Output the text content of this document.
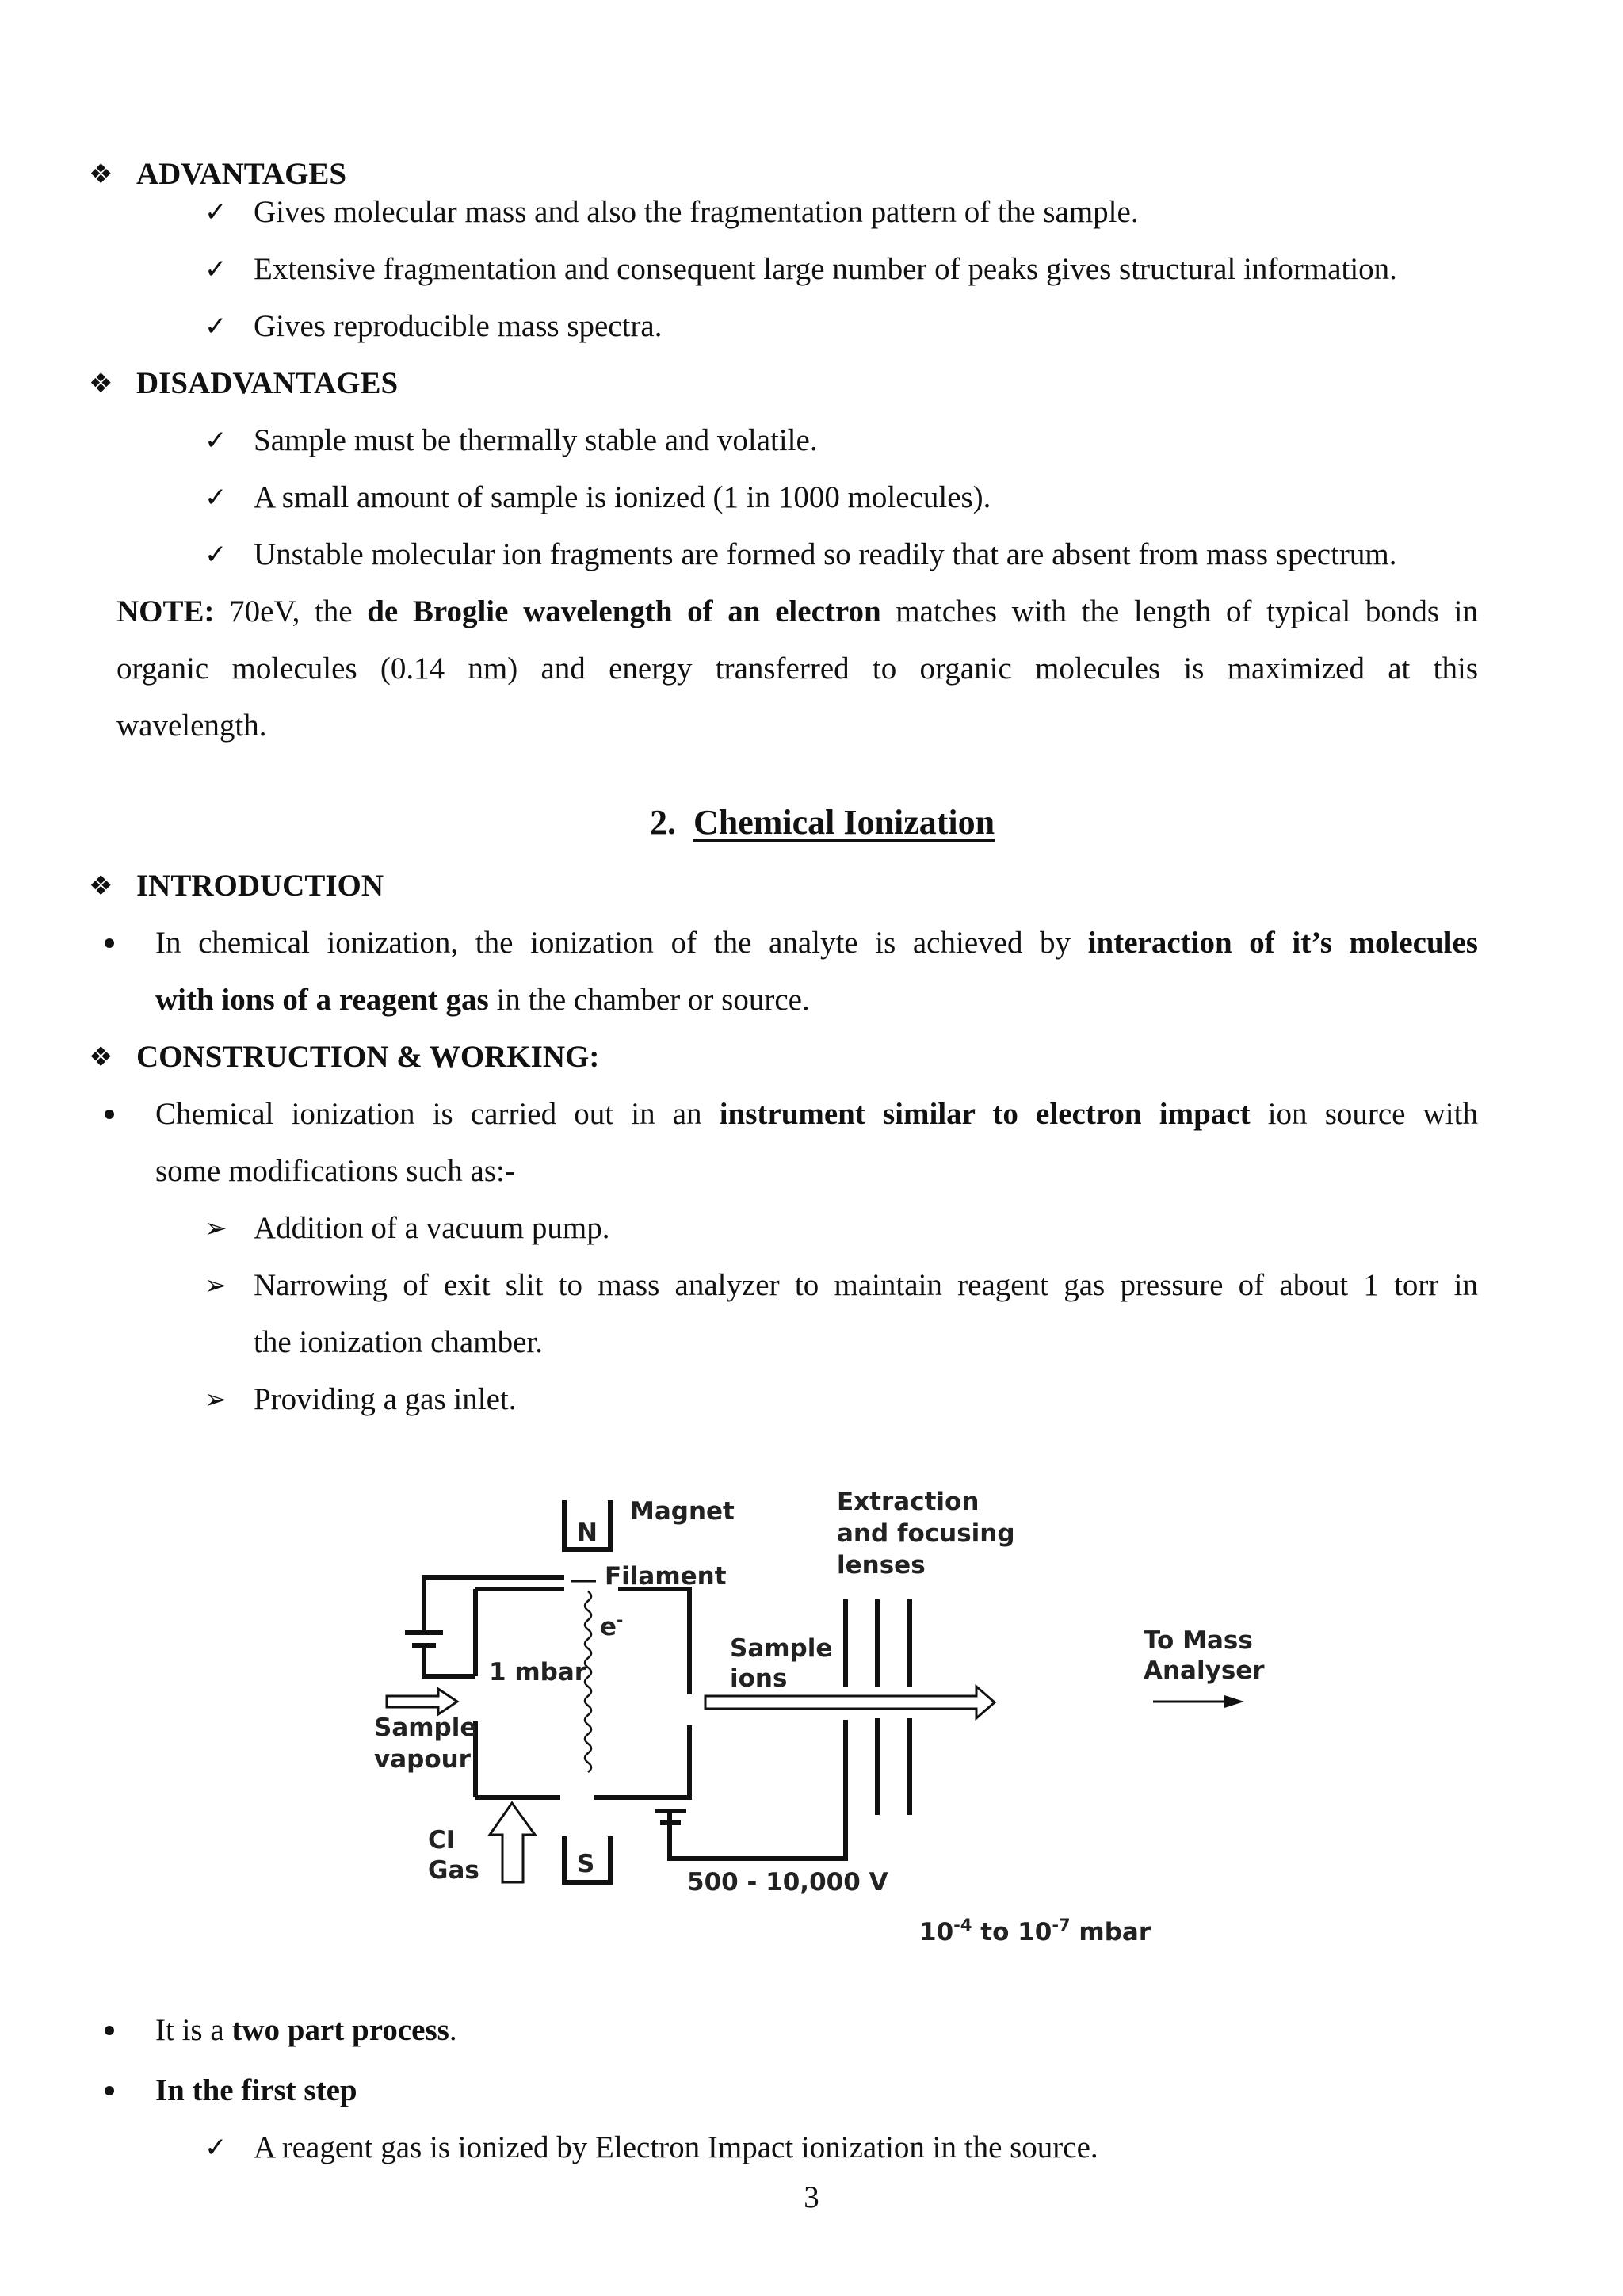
❖ ADVANTAGES
✓ Gives molecular mass and also the fragmentation pattern of the sample.
✓ Extensive fragmentation and consequent large number of peaks gives structural information.
✓ Gives reproducible mass spectra.
❖ DISADVANTAGES
✓ Sample must be thermally stable and volatile.
✓ A small amount of sample is ionized (1 in 1000 molecules).
✓ Unstable molecular ion fragments are formed so readily that are absent from mass spectrum.
NOTE: 70eV, the de Broglie wavelength of an electron matches with the length of typical bonds in
organic molecules (0.14 nm) and energy transferred to organic molecules is maximized at this
wavelength.
2. Chemical Ionization
❖ INTRODUCTION
In chemical ionization, the ionization of the analyte is achieved by interaction of it’s molecules
with ions of a reagent gas in the chamber or source.
❖ CONSTRUCTION & WORKING:
Chemical ionization is carried out in an instrument similar to electron impact ion source with
some modifications such as:-
➢ Addition of a vacuum pump.
➢ Narrowing of exit slit to mass analyzer to maintain reagent gas pressure of about 1 torr in
the ionization chamber.
➢ Providing a gas inlet.
N
S
Magnet
Filament
e-
1 mbar
Sample
ions
Extraction
and focusing
lenses
To Mass
Analyser
Sample
vapour
CI
Gas	500 - 10,000 V
$10^{-4}$ to $10^{-7}$ mbar
It is a two part process.
In the first step
✓ A reagent gas is ionized by Electron Impact ionization in the source.
3
